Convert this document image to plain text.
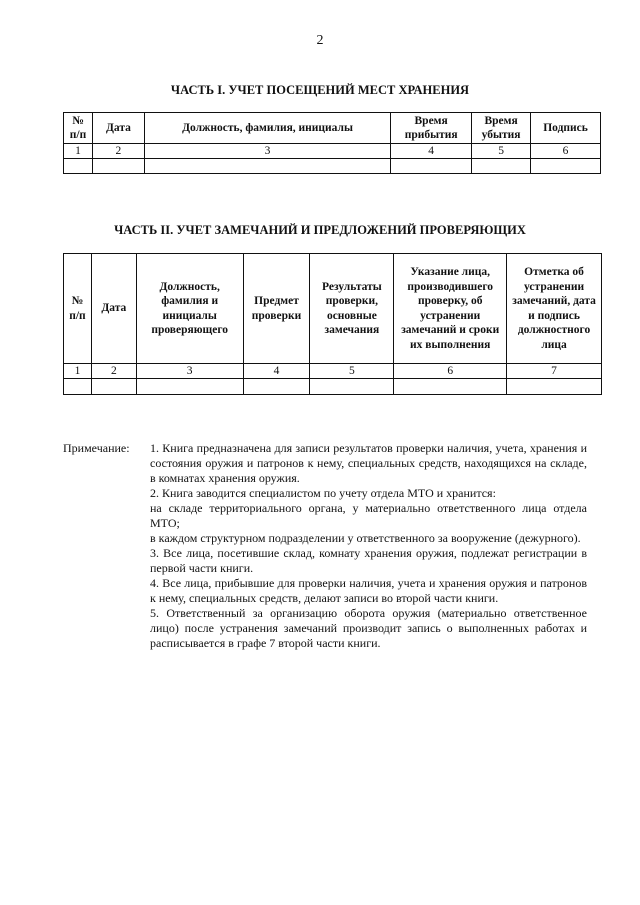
2
ЧАСТЬ I. УЧЕТ ПОСЕЩЕНИЙ МЕСТ ХРАНЕНИЯ
№ п/п	Дата	Должность, фамилия, инициалы	Время прибытия	Время убытия	Подпись
1	2	3	4	5	6

ЧАСТЬ II. УЧЕТ ЗАМЕЧАНИЙ И ПРЕДЛОЖЕНИЙ ПРОВЕРЯЮЩИХ
№ п/п	Дата	Должность, фамилия и инициалы проверяющего	Предмет проверки	Результаты проверки, основные замечания	Указание лица, производившего проверку, об устранении замечаний и сроки их выполнения	Отметка об устранении замечаний, дата и подпись должностного лица
1	2	3	4	5	6	7

Примечание: 1. Книга предназначена для записи результатов проверки наличия, учета, хранения и состояния оружия и патронов к нему, специальных средств, находящихся на складе, в комнатах хранения оружия.

2. Книга заводится специалистом по учету отдела МТО и хранится:

на складе территориального органа, у материально ответственного лица отдела МТО;

в каждом структурном подразделении у ответственного за вооружение (дежурного).

3. Все лица, посетившие склад, комнату хранения оружия, подлежат регистрации в первой части книги.

4. Все лица, прибывшие для проверки наличия, учета и хранения оружия и патронов к нему, специальных средств, делают записи во второй части книги.

5. Ответственный за организацию оборота оружия (материально ответственное лицо) после устранения замечаний производит запись о выполненных работах и расписывается в графе 7 второй части книги.
